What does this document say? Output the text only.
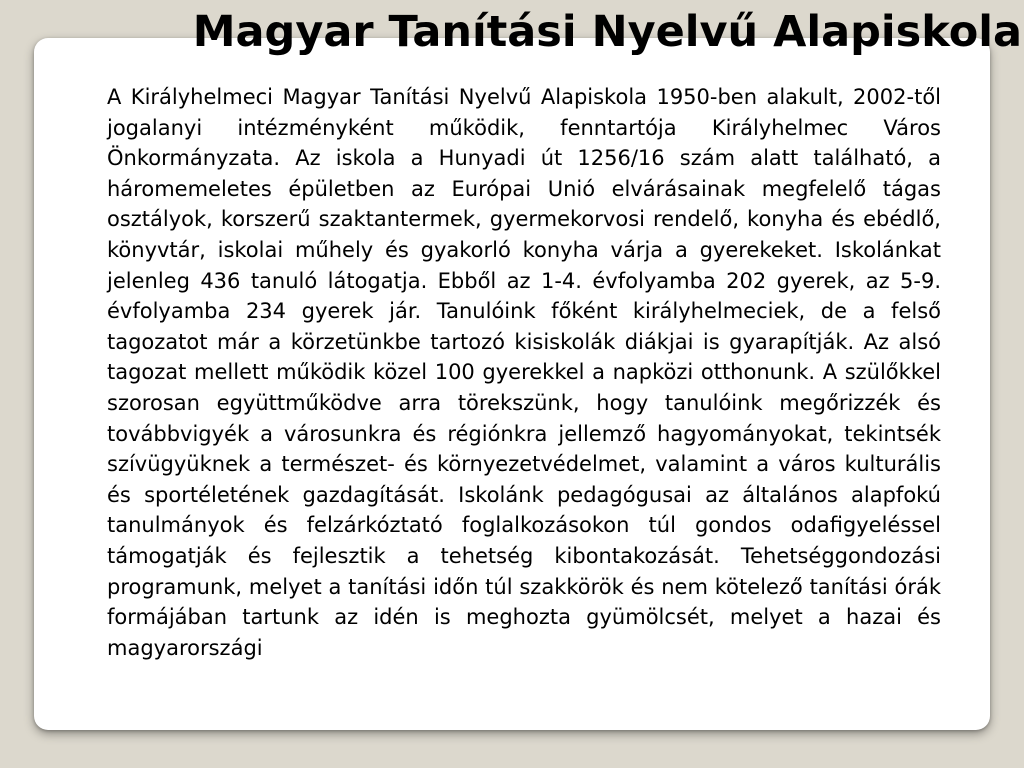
Magyar Tanítási Nyelvű Alapiskola

A Királyhelmeci Magyar Tanítási Nyelvű Alapiskola 1950-ben alakult, 2002-től jogalanyi intézményként működik, fenntartója Királyhelmec Város Önkormányzata. Az iskola a Hunyadi út 1256/16 szám alatt található, a háromemeletes épületben az Európai Unió elvárásainak megfelelő tágas osztályok, korszerű szaktantermek, gyermekorvosi rendelő, konyha és ebédlő, könyvtár, iskolai műhely és gyakorló konyha várja a gyerekeket. Iskolánkat jelenleg 436 tanuló látogatja. Ebből az 1-4. évfolyamba 202 gyerek, az 5-9. évfolyamba 234 gyerek jár. Tanulóink főként királyhelmeciek, de a felső tagozatot már a körzetünkbe tartozó kisiskolák diákjai is gyarapítják. Az alsó tagozat mellett működik közel 100 gyerekkel a napközi otthonunk. A szülőkkel szorosan együttműködve arra törekszünk, hogy tanulóink megőrizzék és továbbvigyék a városunkra és régiónkra jellemző hagyományokat, tekintsék szívügyüknek a természet- és környezetvédelmet, valamint a város kulturális és sportéletének gazdagítását. Iskolánk pedagógusai az általános alapfokú tanulmányok és felzárkóztató foglalkozásokon túl gondos odafigyeléssel támogatják és fejlesztik a tehetség kibontakozását. Tehetséggondozási programunk, melyet a tanítási időn túl szakkörök és nem kötelező tanítási órák formájában tartunk az idén is meghozta gyümölcsét, melyet a hazai és magyarországi
